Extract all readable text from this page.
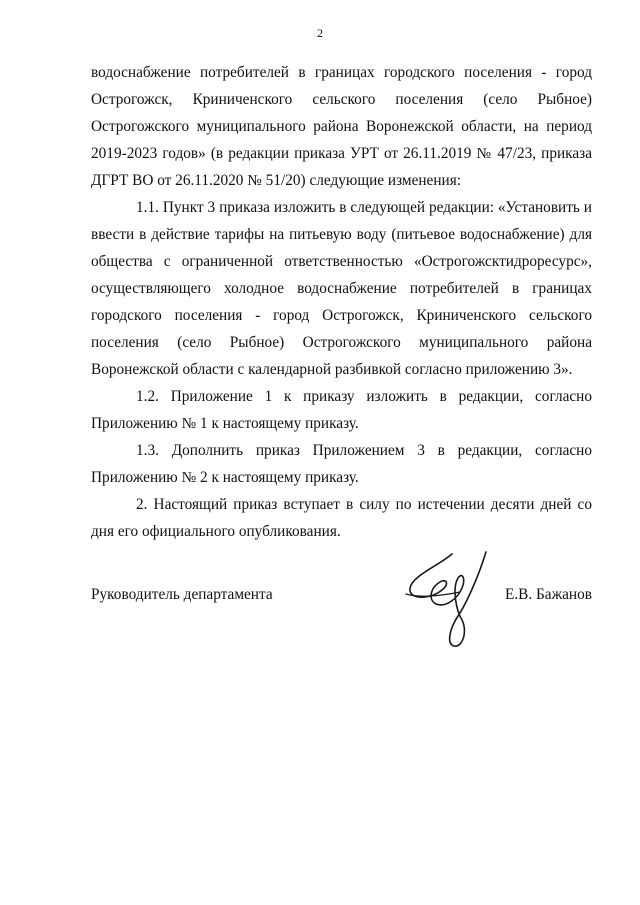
2

водоснабжение потребителей в границах городского поселения - город Острогожск, Криниченского сельского поселения (село Рыбное) Острогожского муниципального района Воронежской области, на период 2019-2023 годов» (в редакции приказа УРТ от 26.11.2019 № 47/23, приказа ДГРТ ВО от 26.11.2020 № 51/20) следующие изменения:

1.1. Пункт 3 приказа изложить в следующей редакции: «Установить и ввести в действие тарифы на питьевую воду (питьевое водоснабжение) для общества с ограниченной ответственностью «Острогожсктидроресурс», осуществляющего холодное водоснабжение потребителей в границах городского поселения - город Острогожск, Криниченского сельского поселения (село Рыбное) Острогожского муниципального района Воронежской области с календарной разбивкой согласно приложению 3».

1.2. Приложение 1 к приказу изложить в редакции, согласно Приложению № 1 к настоящему приказу.

1.3. Дополнить приказ Приложением 3 в редакции, согласно Приложению № 2 к настоящему приказу.

2. Настоящий приказ вступает в силу по истечении десяти дней со дня его официального опубликования.

Руководитель департамента	Е.В. Бажанов
